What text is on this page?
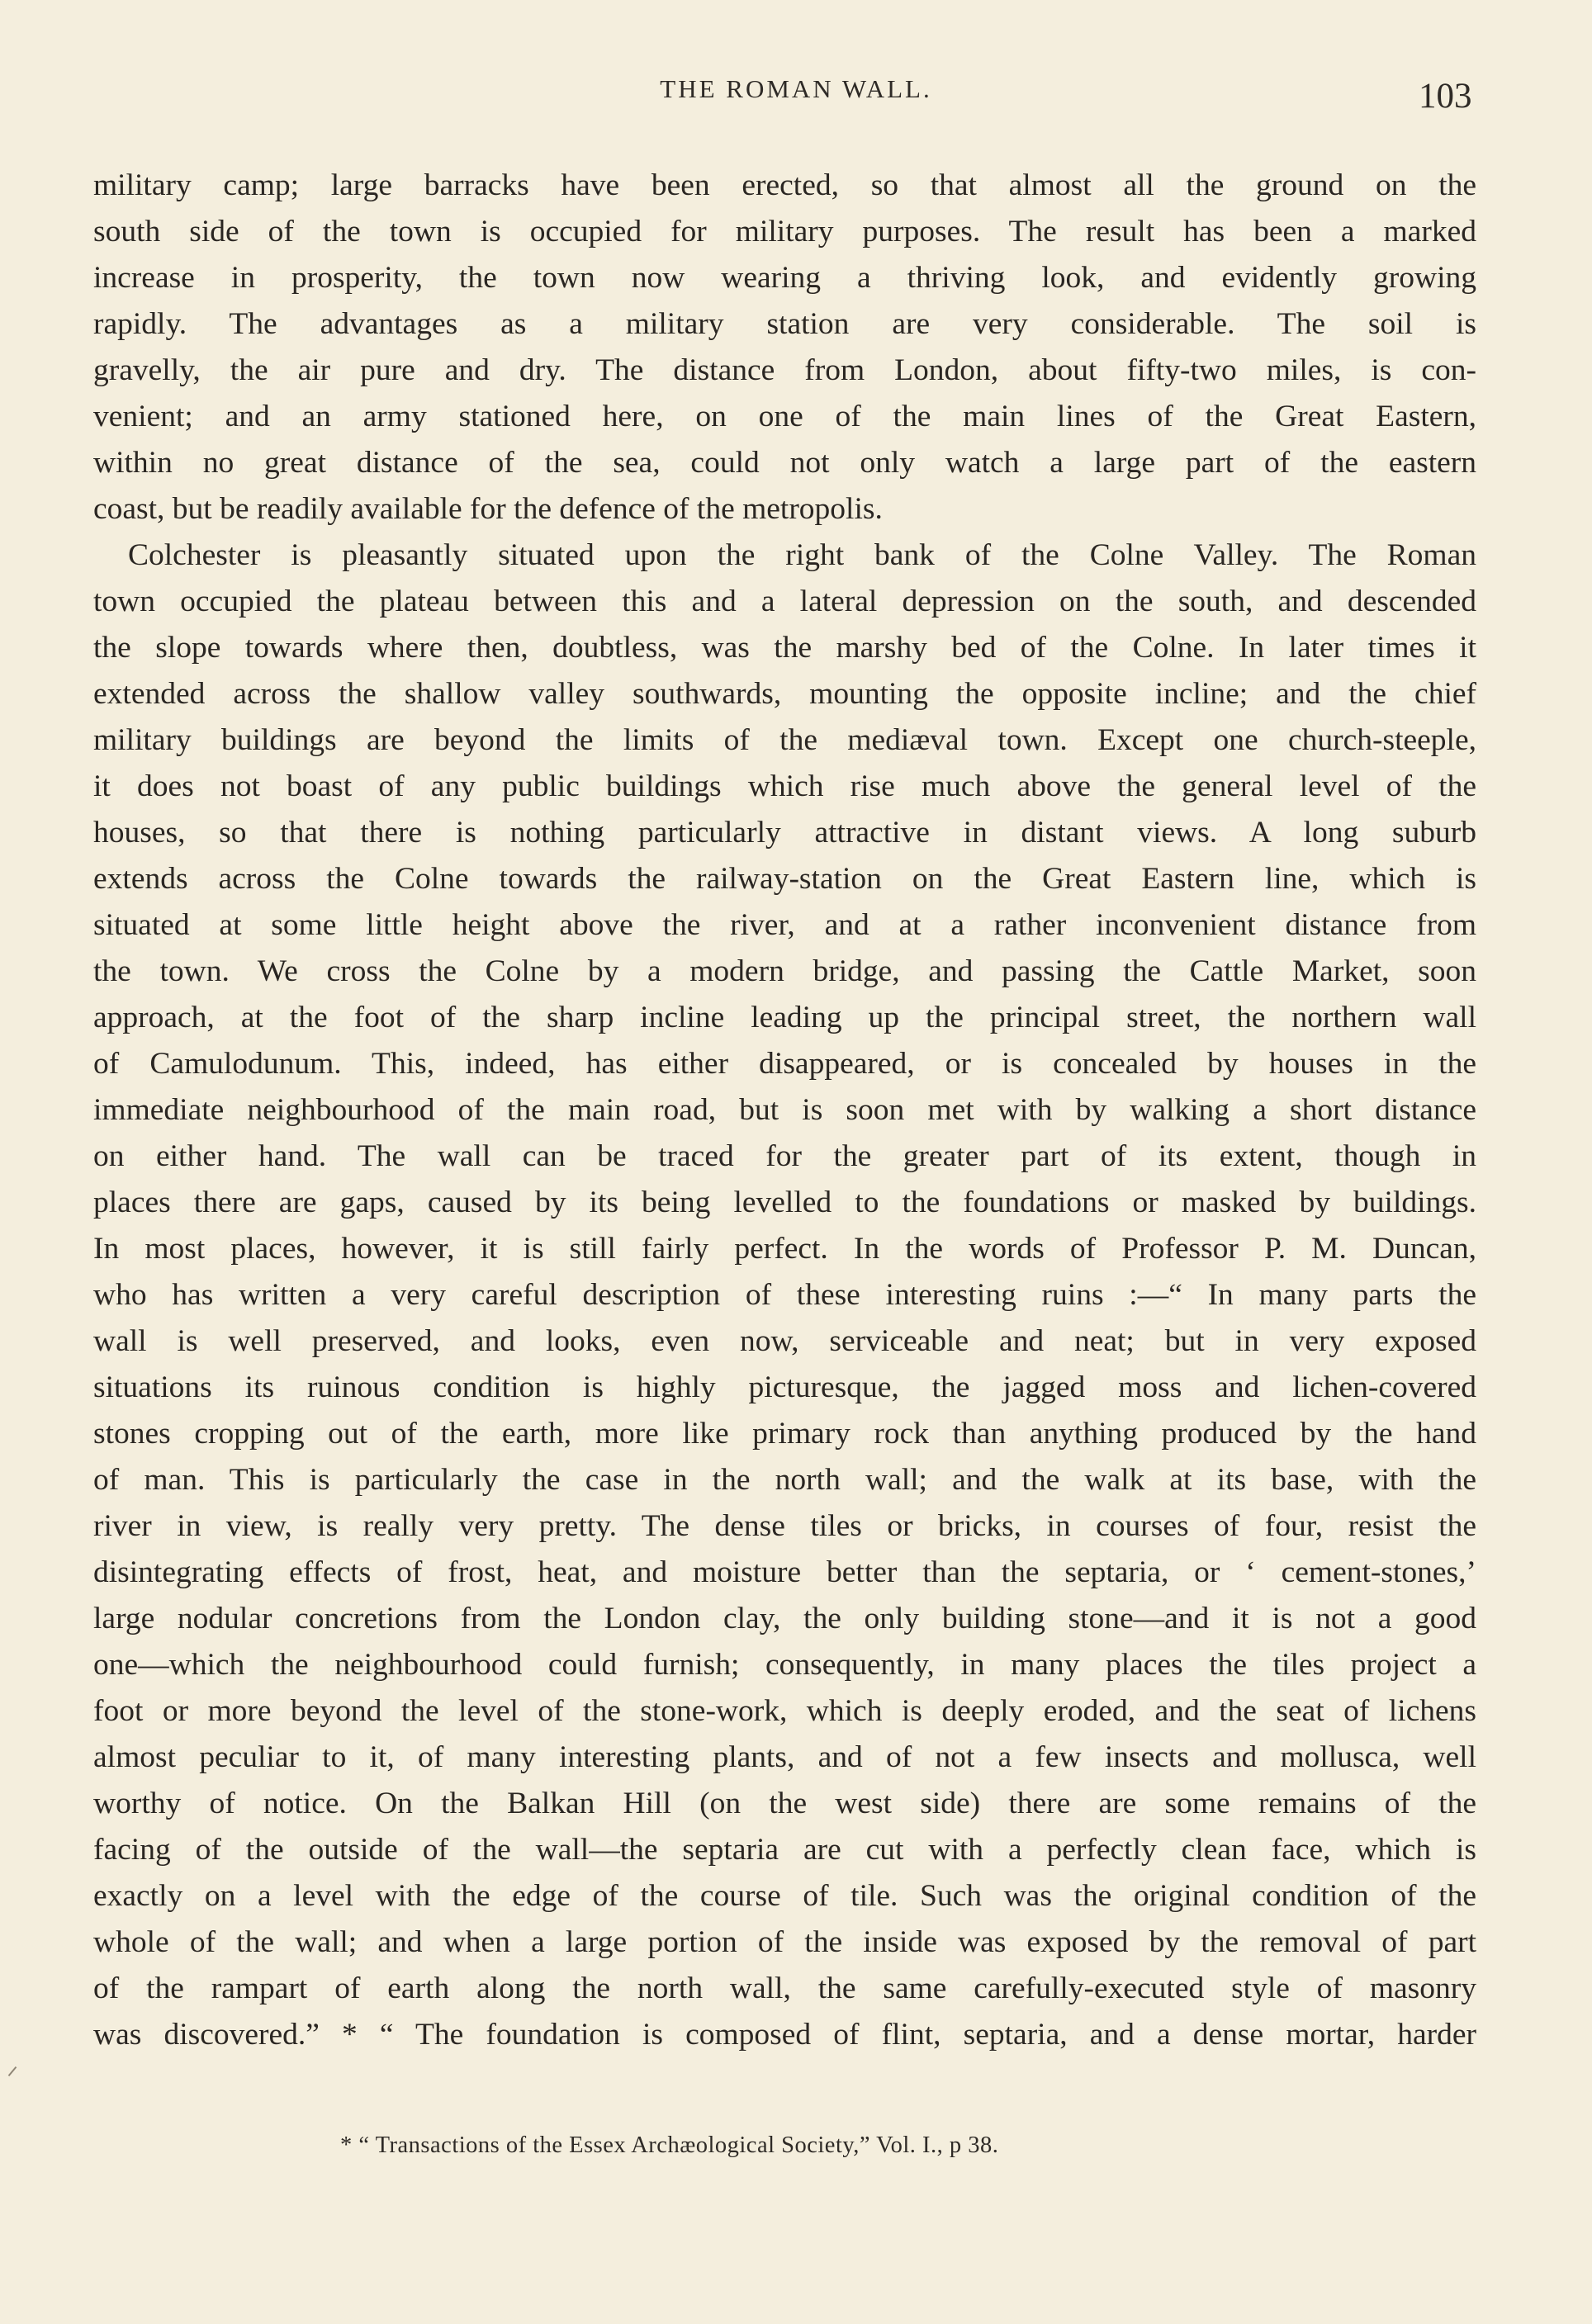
THE ROMAN WALL.	103
military camp; large barracks have been erected, so that almost all the ground on the
south side of the town is occupied for military purposes. The result has been a marked
increase in prosperity, the town now wearing a thriving look, and evidently growing
rapidly. The advantages as a military station are very considerable. The soil is
gravelly, the air pure and dry. The distance from London, about fifty-two miles, is con-
venient; and an army stationed here, on one of the main lines of the Great Eastern,
within no great distance of the sea, could not only watch a large part of the eastern
coast, but be readily available for the defence of the metropolis.
Colchester is pleasantly situated upon the right bank of the Colne Valley. The Roman
town occupied the plateau between this and a lateral depression on the south, and descended
the slope towards where then, doubtless, was the marshy bed of the Colne. In later times it
extended across the shallow valley southwards, mounting the opposite incline; and the chief
military buildings are beyond the limits of the mediæval town. Except one church-steeple,
it does not boast of any public buildings which rise much above the general level of the
houses, so that there is nothing particularly attractive in distant views. A long suburb
extends across the Colne towards the railway-station on the Great Eastern line, which is
situated at some little height above the river, and at a rather inconvenient distance from
the town. We cross the Colne by a modern bridge, and passing the Cattle Market, soon
approach, at the foot of the sharp incline leading up the principal street, the northern wall
of Camulodunum. This, indeed, has either disappeared, or is concealed by houses in the
immediate neighbourhood of the main road, but is soon met with by walking a short distance
on either hand. The wall can be traced for the greater part of its extent, though in
places there are gaps, caused by its being levelled to the foundations or masked by buildings.
In most places, however, it is still fairly perfect. In the words of Professor P. M. Duncan,
who has written a very careful description of these interesting ruins :—“ In many parts the
wall is well preserved, and looks, even now, serviceable and neat; but in very exposed
situations its ruinous condition is highly picturesque, the jagged moss and lichen-covered
stones cropping out of the earth, more like primary rock than anything produced by the hand
of man. This is particularly the case in the north wall; and the walk at its base, with the
river in view, is really very pretty. The dense tiles or bricks, in courses of four, resist the
disintegrating effects of frost, heat, and moisture better than the septaria, or ‘ cement-stones,’
large nodular concretions from the London clay, the only building stone—and it is not a good
one—which the neighbourhood could furnish; consequently, in many places the tiles project a
foot or more beyond the level of the stone-work, which is deeply eroded, and the seat of lichens
almost peculiar to it, of many interesting plants, and of not a few insects and mollusca, well
worthy of notice. On the Balkan Hill (on the west side) there are some remains of the
facing of the outside of the wall—the septaria are cut with a perfectly clean face, which is
exactly on a level with the edge of the course of tile. Such was the original condition of the
whole of the wall; and when a large portion of the inside was exposed by the removal of part
of the rampart of earth along the north wall, the same carefully-executed style of masonry
was discovered.” * “ The foundation is composed of flint, septaria, and a dense mortar, harder
* “ Transactions of the Essex Archæological Society,” Vol. I., p 38.
